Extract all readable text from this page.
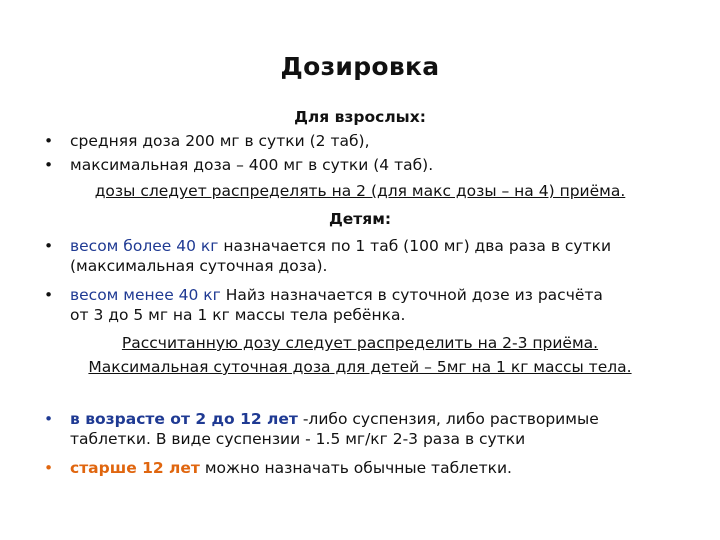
Дозировка
Для взрослых:
•	средняя доза 200 мг в сутки (2 таб),
•	максимальная доза – 400 мг в сутки (4 таб).
дозы следует распределять на 2 (для макс дозы – на 4) приёма.
Детям:
•	весом более 40 кг назначается по 1 таб (100 мг) два раза в сутки
(максимальная суточная доза).
•	весом менее 40 кг Найз назначается в суточной дозе из расчёта
от 3 до 5 мг на 1 кг массы тела ребёнка.
Рассчитанную дозу следует распределить на 2-3 приёма.
Максимальная суточная доза для детей – 5мг на 1 кг массы тела.
•	в возрасте от 2 до 12 лет -либо суспензия, либо растворимые
таблетки. В виде суспензии - 1.5 мг/кг 2-3 раза в сутки
•	старше 12 лет можно назначать обычные таблетки.
